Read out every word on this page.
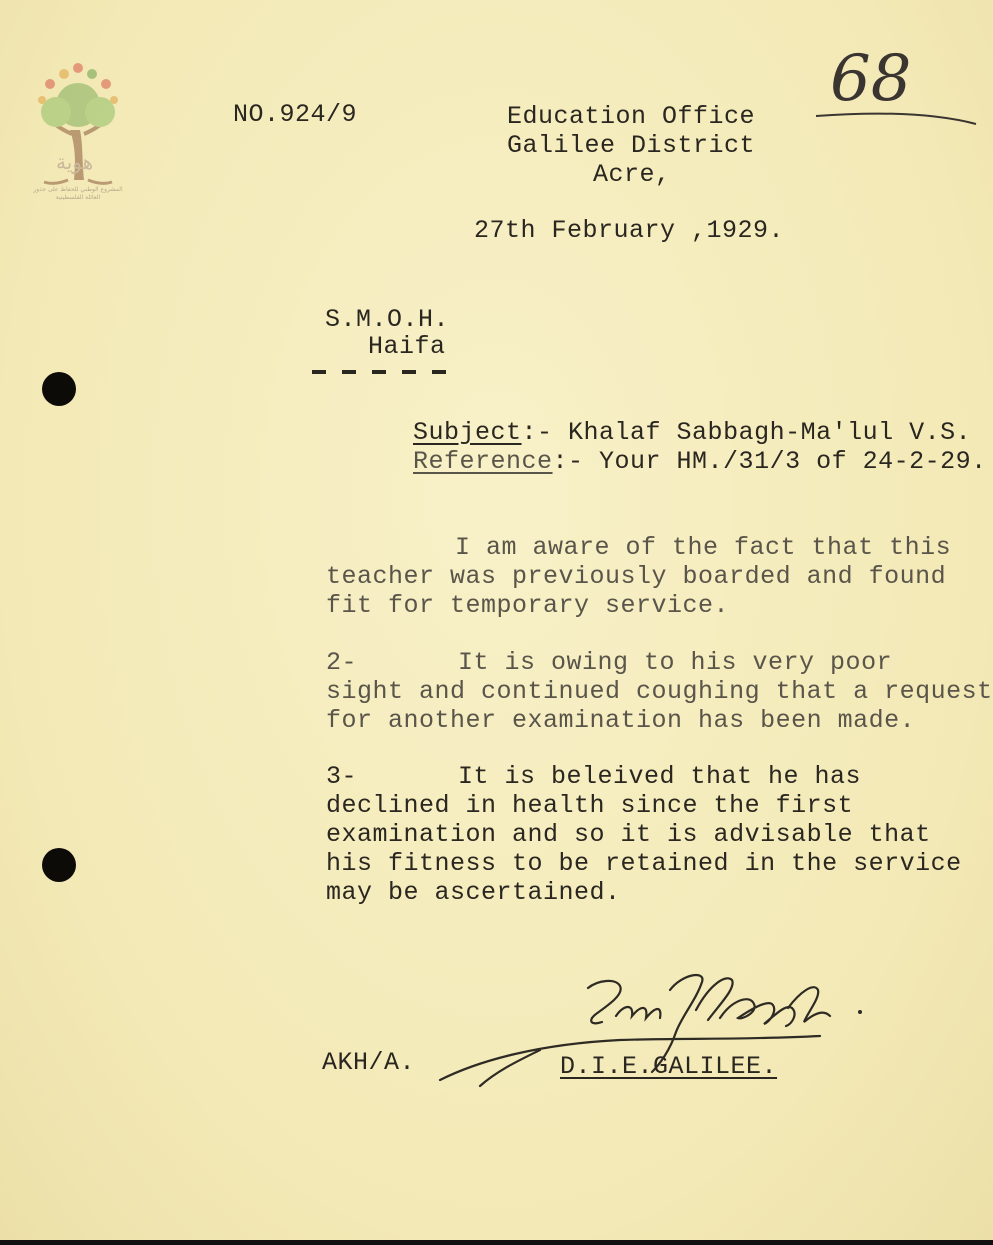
هوية
المشروع الوطني للحفاظ على جذور العائلة الفلسطينية
68
NO.924/9	Education Office
Galilee District
Acre,
27th February ,1929.
S.M.O.H.
Haifa
Subject:- Khalaf Sabbagh-Ma'lul V.S.
Reference:- Your HM./31/3 of 24-2-29.
I am aware of the fact that this
teacher was previously boarded and found
fit for temporary service.
2-	It is owing to his very poor
sight and continued coughing that a request
for another examination has been made.
3-	It is beleived that he has
declined in health since the first
examination and so it is advisable that
his fitness to be retained in the service
may be ascertained.
AKH/A.	D.I.E.GALILEE.
